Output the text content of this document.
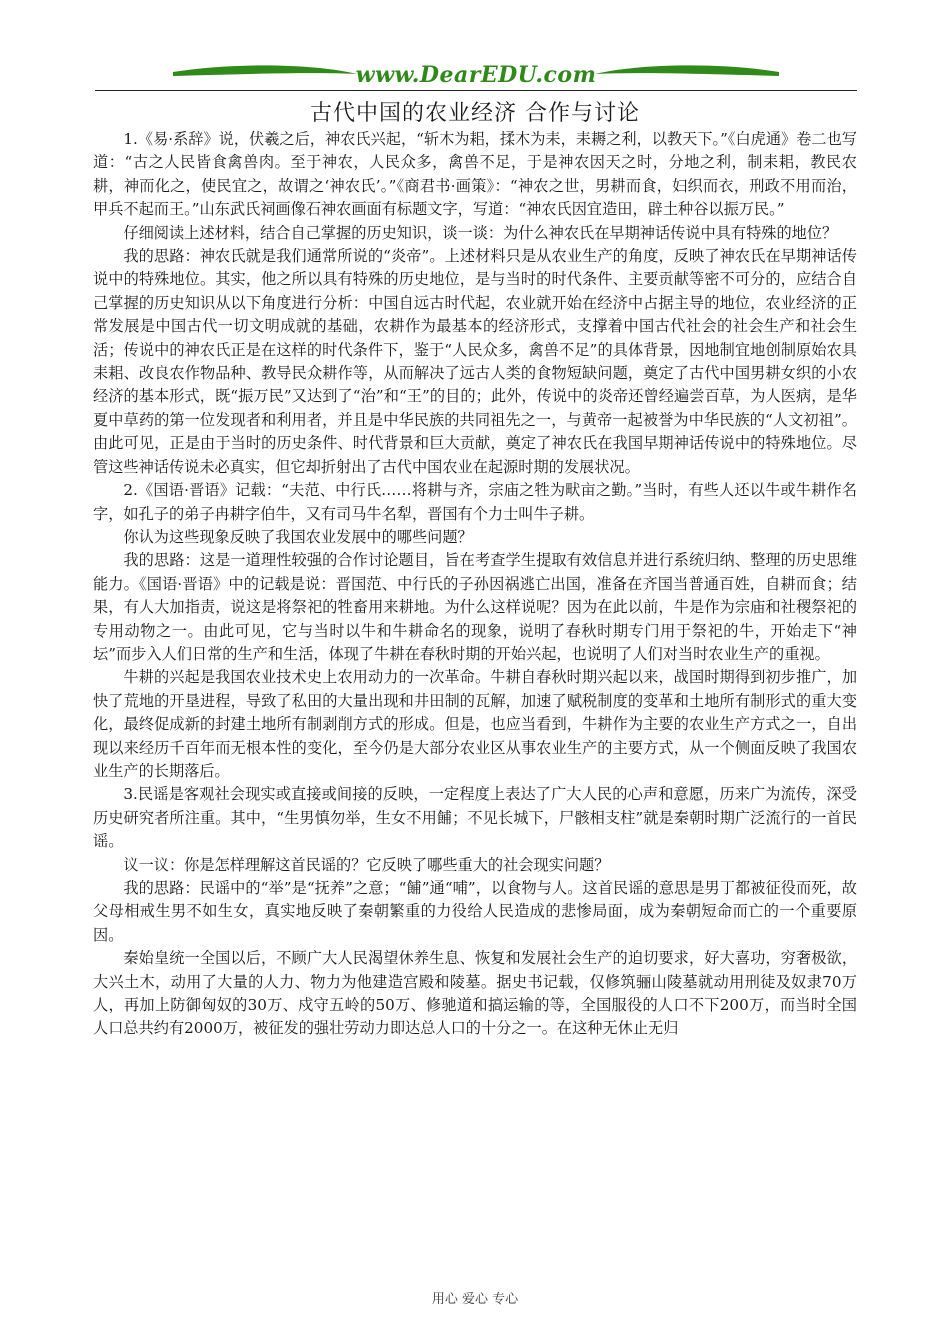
www.DearEDU.com
古代中国的农业经济 合作与讨论

1.《易·系辞》说，伏羲之后，神农氏兴起，“斩木为耜，揉木为耒，耒耨之利，以教天下。”《白虎通》卷二也写道：“古之人民皆食禽兽肉。至于神农，人民众多，禽兽不足，于是神农因天之时，分地之利，制耒耜，教民农耕，神而化之，使民宜之，故谓之‘神农氏’。”《商君书·画策》：“神农之世，男耕而食，妇织而衣，刑政不用而治，甲兵不起而王。”山东武氏祠画像石神农画面有标题文字，写道：“神农氏因宜造田，辟土种谷以振万民。”

仔细阅读上述材料，结合自己掌握的历史知识，谈一谈：为什么神农氏在早期神话传说中具有特殊的地位？

我的思路：神农氏就是我们通常所说的“炎帝”。上述材料只是从农业生产的角度，反映了神农氏在早期神话传说中的特殊地位。其实，他之所以具有特殊的历史地位，是与当时的时代条件、主要贡献等密不可分的，应结合自己掌握的历史知识从以下角度进行分析：中国自远古时代起，农业就开始在经济中占据主导的地位，农业经济的正常发展是中国古代一切文明成就的基础，农耕作为最基本的经济形式，支撑着中国古代社会的社会生产和社会生活；传说中的神农氏正是在这样的时代条件下，鉴于“人民众多，禽兽不足”的具体背景，因地制宜地创制原始农具耒耜、改良农作物品种、教导民众耕作等，从而解决了远古人类的食物短缺问题，奠定了古代中国男耕女织的小农经济的基本形式，既“振万民”又达到了“治”和“王”的目的；此外，传说中的炎帝还曾经遍尝百草，为人医病，是华夏中草药的第一位发现者和利用者，并且是中华民族的共同祖先之一，与黄帝一起被誉为中华民族的“人文初祖”。由此可见，正是由于当时的历史条件、时代背景和巨大贡献，奠定了神农氏在我国早期神话传说中的特殊地位。尽管这些神话传说未必真实，但它却折射出了古代中国农业在起源时期的发展状况。

2.《国语·晋语》记载：“夫范、中行氏……将耕与齐，宗庙之牲为畎亩之勤。”当时，有些人还以牛或牛耕作名字，如孔子的弟子冉耕字伯牛，又有司马牛名犁，晋国有个力士叫牛子耕。

你认为这些现象反映了我国农业发展中的哪些问题？

我的思路：这是一道理性较强的合作讨论题目，旨在考查学生提取有效信息并进行系统归纳、整理的历史思维能力。《国语·晋语》中的记载是说：晋国范、中行氏的子孙因祸逃亡出国，准备在齐国当普通百姓，自耕而食；结果，有人大加指责，说这是将祭祀的牲畜用来耕地。为什么这样说呢？因为在此以前，牛是作为宗庙和社稷祭祀的专用动物之一。由此可见，它与当时以牛和牛耕命名的现象，说明了春秋时期专门用于祭祀的牛，开始走下“神坛”而步入人们日常的生产和生活，体现了牛耕在春秋时期的开始兴起，也说明了人们对当时农业生产的重视。

牛耕的兴起是我国农业技术史上农用动力的一次革命。牛耕自春秋时期兴起以来，战国时期得到初步推广，加快了荒地的开垦进程，导致了私田的大量出现和井田制的瓦解，加速了赋税制度的变革和土地所有制形式的重大变化，最终促成新的封建土地所有制剥削方式的形成。但是，也应当看到，牛耕作为主要的农业生产方式之一，自出现以来经历千百年而无根本性的变化，至今仍是大部分农业区从事农业生产的主要方式，从一个侧面反映了我国农业生产的长期落后。

3.民谣是客观社会现实或直接或间接的反映，一定程度上表达了广大人民的心声和意愿，历来广为流传，深受历史研究者所注重。其中，“生男慎勿举，生女不用餔；不见长城下，尸骸相支柱”就是秦朝时期广泛流行的一首民谣。

议一议：你是怎样理解这首民谣的？它反映了哪些重大的社会现实问题？

我的思路：民谣中的“举”是“抚养”之意；“餔”通“哺”，以食物与人。这首民谣的意思是男丁都被征役而死，故父母相戒生男不如生女，真实地反映了秦朝繁重的力役给人民造成的悲惨局面，成为秦朝短命而亡的一个重要原因。

秦始皇统一全国以后，不顾广大人民渴望休养生息、恢复和发展社会生产的迫切要求，好大喜功，穷奢极欲，大兴土木，动用了大量的人力、物力为他建造宫殿和陵墓。据史书记载，仅修筑骊山陵墓就动用刑徒及奴隶70万人，再加上防御匈奴的30万、戍守五岭的50万、修驰道和搞运输的等，全国服役的人口不下200万，而当时全国人口总共约有2000万，被征发的强壮劳动力即达总人口的十分之一。在这种无休止无归

用心 爱心 专心
